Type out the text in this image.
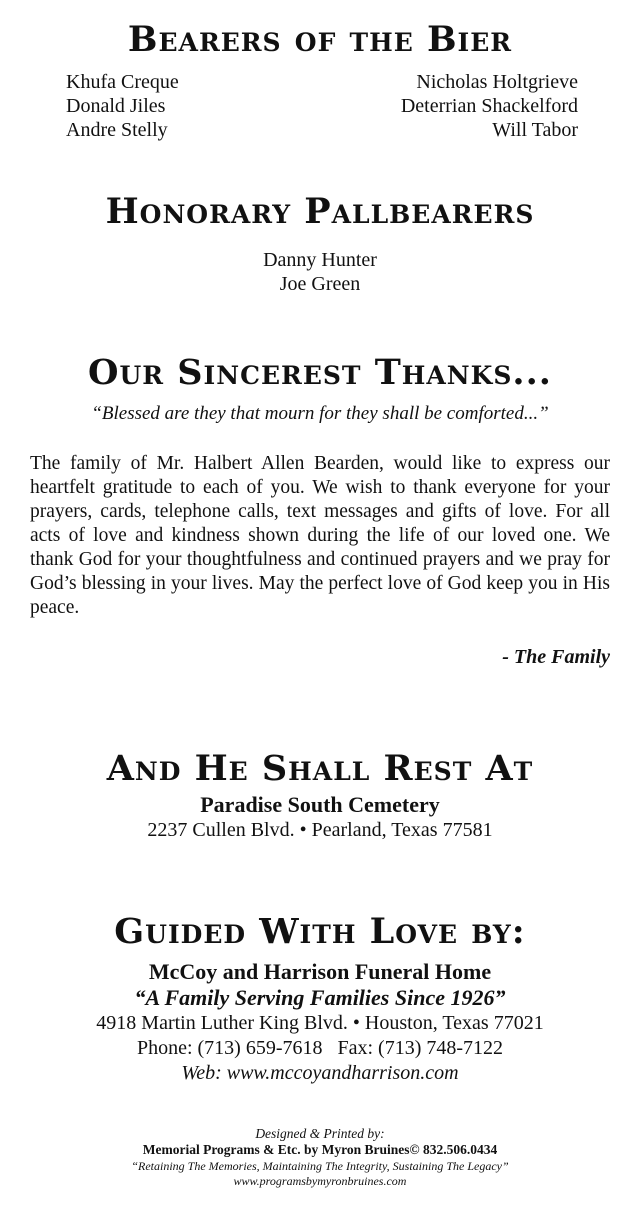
Bearers of the Bier
Khufa Creque
Donald Jiles
Andre Stelly
Nicholas Holtgrieve
Deterrian Shackelford
Will Tabor
Honorary Pallbearers
Danny Hunter
Joe Green
Our Sincerest Thanks...
“Blessed are they that mourn for they shall be comforted...”
The family of Mr. Halbert Allen Bearden, would like to express our heartfelt gratitude to each of you. We wish to thank everyone for your prayers, cards, telephone calls, text messages and gifts of love. For all acts of love and kindness shown during the life of our loved one. We thank God for your thoughtfulness and continued prayers and we pray for God’s blessing in your lives. May the perfect love of God keep you in His peace.
- The Family
And He Shall Rest At
Paradise South Cemetery
2237 Cullen Blvd. • Pearland, Texas 77581
Guided With Love by:
McCoy and Harrison Funeral Home
“A Family Serving Families Since 1926”
4918 Martin Luther King Blvd. • Houston, Texas 77021
Phone: (713) 659-7618   Fax: (713) 748-7122
Web: www.mccoyandharrison.com
Designed & Printed by:
Memorial Programs & Etc. by Myron Bruines© 832.506.0434
“Retaining The Memories, Maintaining The Integrity, Sustaining The Legacy”
www.programsbymyronbruines.com
